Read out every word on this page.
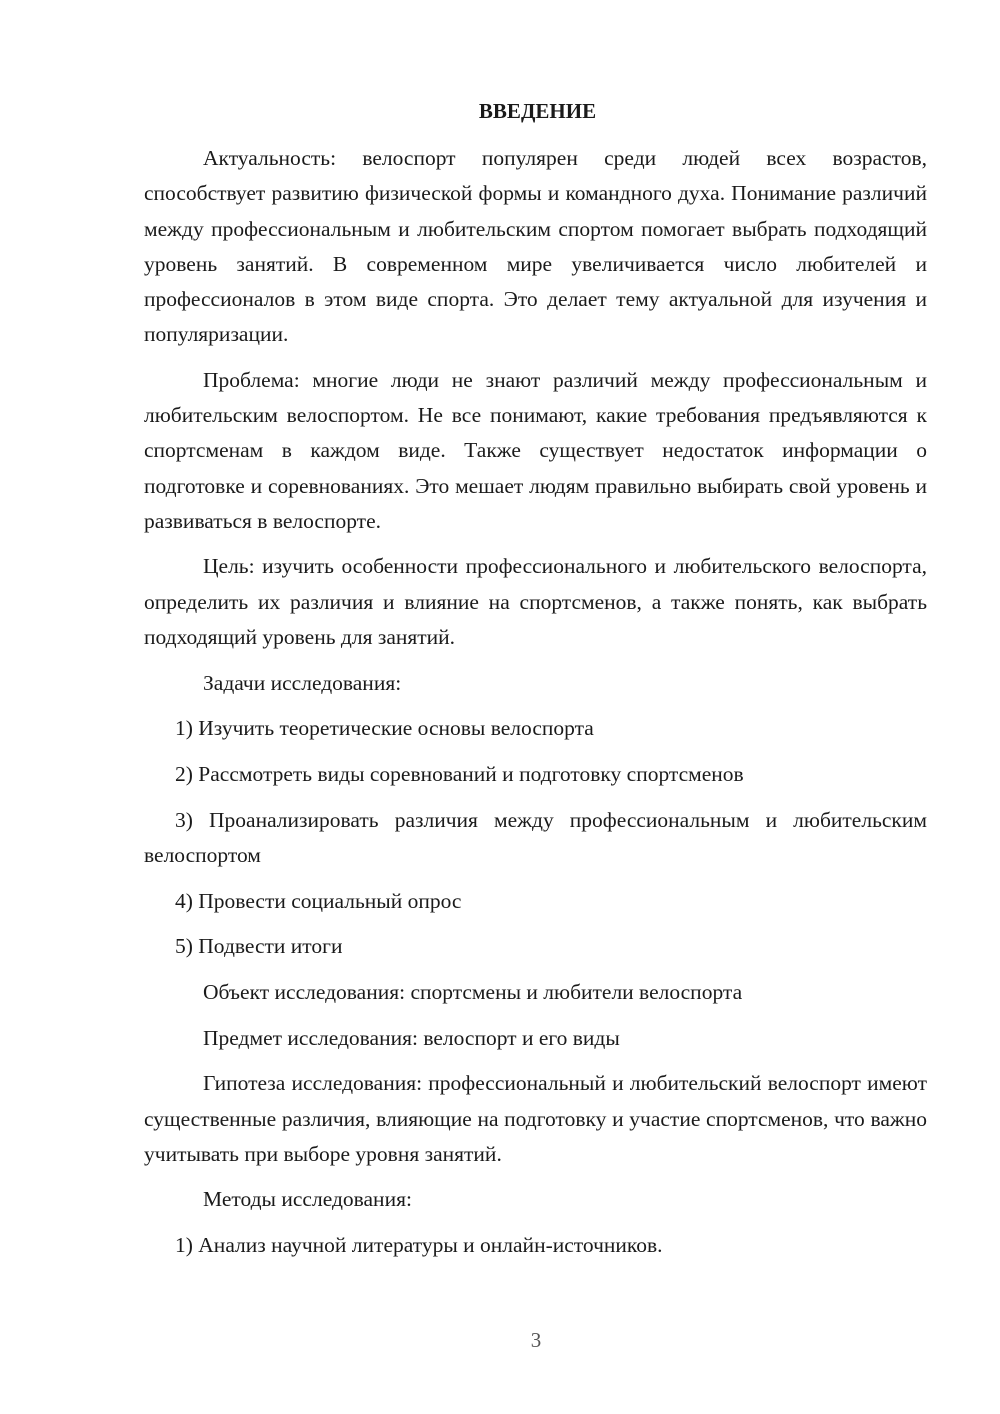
ВВЕДЕНИЕ

Актуальность: велоспорт популярен среди людей всех возрастов, способствует развитию физической формы и командного духа. Понимание различий между профессиональным и любительским спортом помогает выбрать подходящий уровень занятий. В современном мире увеличивается число любителей и профессионалов в этом виде спорта. Это делает тему актуальной для изучения и популяризации.

Проблема: многие люди не знают различий между профессиональным и любительским велоспортом. Не все понимают, какие требования предъявляются к спортсменам в каждом виде. Также существует недостаток информации о подготовке и соревнованиях. Это мешает людям правильно выбирать свой уровень и развиваться в велоспорте.

Цель: изучить особенности профессионального и любительского велоспорта, определить их различия и влияние на спортсменов, а также понять, как выбрать подходящий уровень для занятий.

Задачи исследования:

1) Изучить теоретические основы велоспорта

2) Рассмотреть виды соревнований и подготовку спортсменов

3) Проанализировать различия между профессиональным и любительским велоспортом

4) Провести социальный опрос

5) Подвести итоги

Объект исследования: спортсмены и любители велоспорта

Предмет исследования: велоспорт и его виды

Гипотеза исследования: профессиональный и любительский велоспорт имеют существенные различия, влияющие на подготовку и участие спортсменов, что важно учитывать при выборе уровня занятий.

Методы исследования:

1) Анализ научной литературы и онлайн-источников.

3
